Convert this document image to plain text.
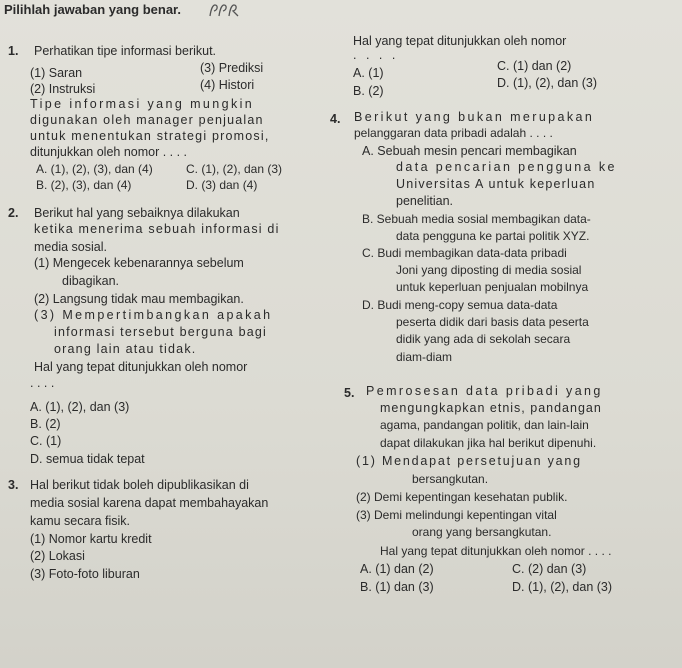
Pilihlah jawaban yang benar.
1. Perhatikan tipe informasi berikut.
(1) Saran
(2) Instruksi
(3) Prediksi
(4) Histori
Tipe informasi yang mungkin
digunakan oleh manager penjualan
untuk menentukan strategi promosi,
ditunjukkan oleh nomor . . . .
A. (1), (2), (3), dan (4)
B. (2), (3), dan (4)
C. (1), (2), dan (3)
D. (3) dan (4)
2. Berikut hal yang sebaiknya dilakukan
ketika menerima sebuah informasi di
media sosial.
(1) Mengecek kebenarannya sebelum
dibagikan.
(2) Langsung tidak mau membagikan.
(3) Mempertimbangkan apakah
informasi tersebut berguna bagi
orang lain atau tidak.
Hal yang tepat ditunjukkan oleh nomor
. . . .
A. (1), (2), dan (3)
B. (2)
C. (1)
D. semua tidak tepat
3. Hal berikut tidak boleh dipublikasikan di
media sosial karena dapat membahayakan
kamu secara fisik.
(1) Nomor kartu kredit
(2) Lokasi
(3) Foto-foto liburan
Hal yang tepat ditunjukkan oleh nomor
. . . .
A. (1)
B. (2)
C. (1) dan (2)
D. (1), (2), dan (3)
4. Berikut yang bukan merupakan
pelanggaran data pribadi adalah . . . .
A. Sebuah mesin pencari membagikan
data pencarian pengguna ke
Universitas A untuk keperluan
penelitian.
B. Sebuah media sosial membagikan data-
data pengguna ke partai politik XYZ.
C. Budi membagikan data-data pribadi
Joni yang diposting di media sosial
untuk keperluan penjualan mobilnya
D. Budi meng-copy semua data-data
peserta didik dari basis data peserta
didik yang ada di sekolah secara
diam-diam
5. Pemrosesan data pribadi yang
mengungkapkan etnis, pandangan
agama, pandangan politik, dan lain-lain
dapat dilakukan jika hal berikut dipenuhi.
(1) Mendapat persetujuan yang
bersangkutan.
(2) Demi kepentingan kesehatan publik.
(3) Demi melindungi kepentingan vital
orang yang bersangkutan.
Hal yang tepat ditunjukkan oleh nomor . . . .
A. (1) dan (2)
B. (1) dan (3)
C. (2) dan (3)
D. (1), (2), dan (3)
